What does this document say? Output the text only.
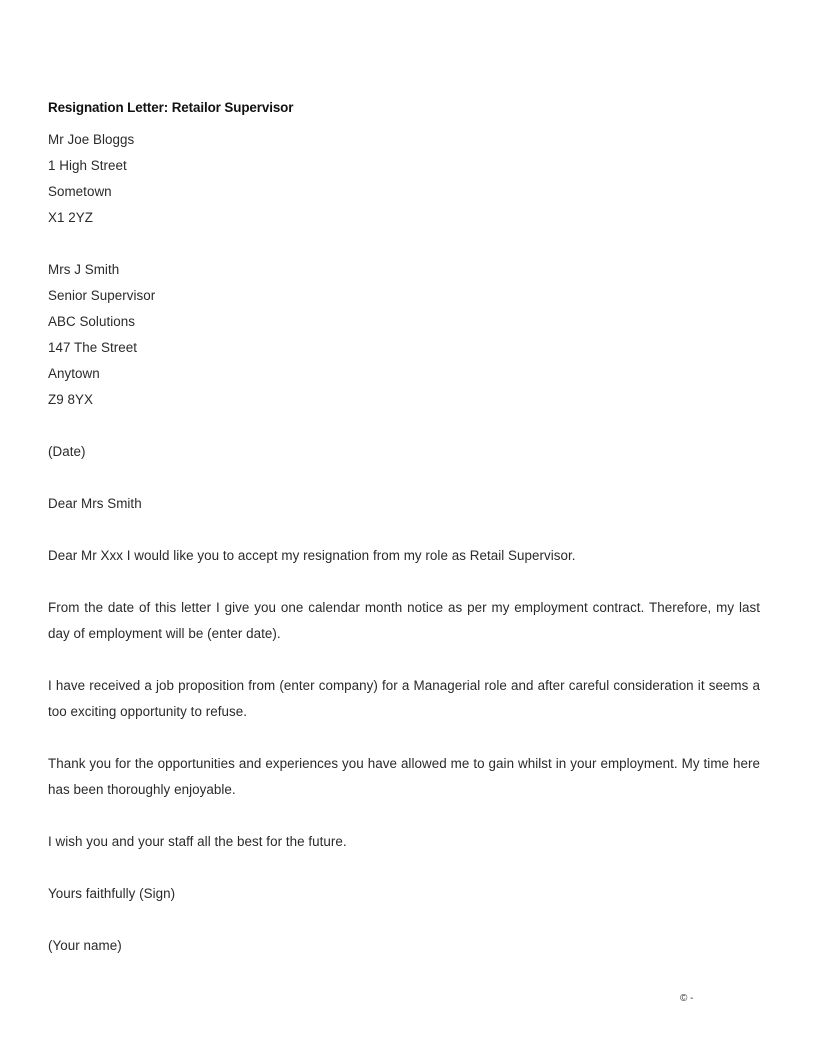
Resignation Letter: Retailor Supervisor
Mr Joe Bloggs
1 High Street
Sometown
X1 2YZ
Mrs J Smith
Senior Supervisor
ABC Solutions
147 The Street
Anytown
Z9 8YX
(Date)
Dear Mrs Smith
Dear Mr Xxx I would like you to accept my resignation from my role as Retail Supervisor.
From the date of this letter I give you one calendar month notice as per my employment contract. Therefore, my last day of employment will be (enter date).
I have received a job proposition from (enter company) for a Managerial role and after careful consideration it seems a too exciting opportunity to refuse.
Thank you for the opportunities and experiences you have allowed me to gain whilst in your employment. My time here has been thoroughly enjoyable.
I wish you and your staff all the best for the future.
Yours faithfully (Sign)
(Your name)
© -
